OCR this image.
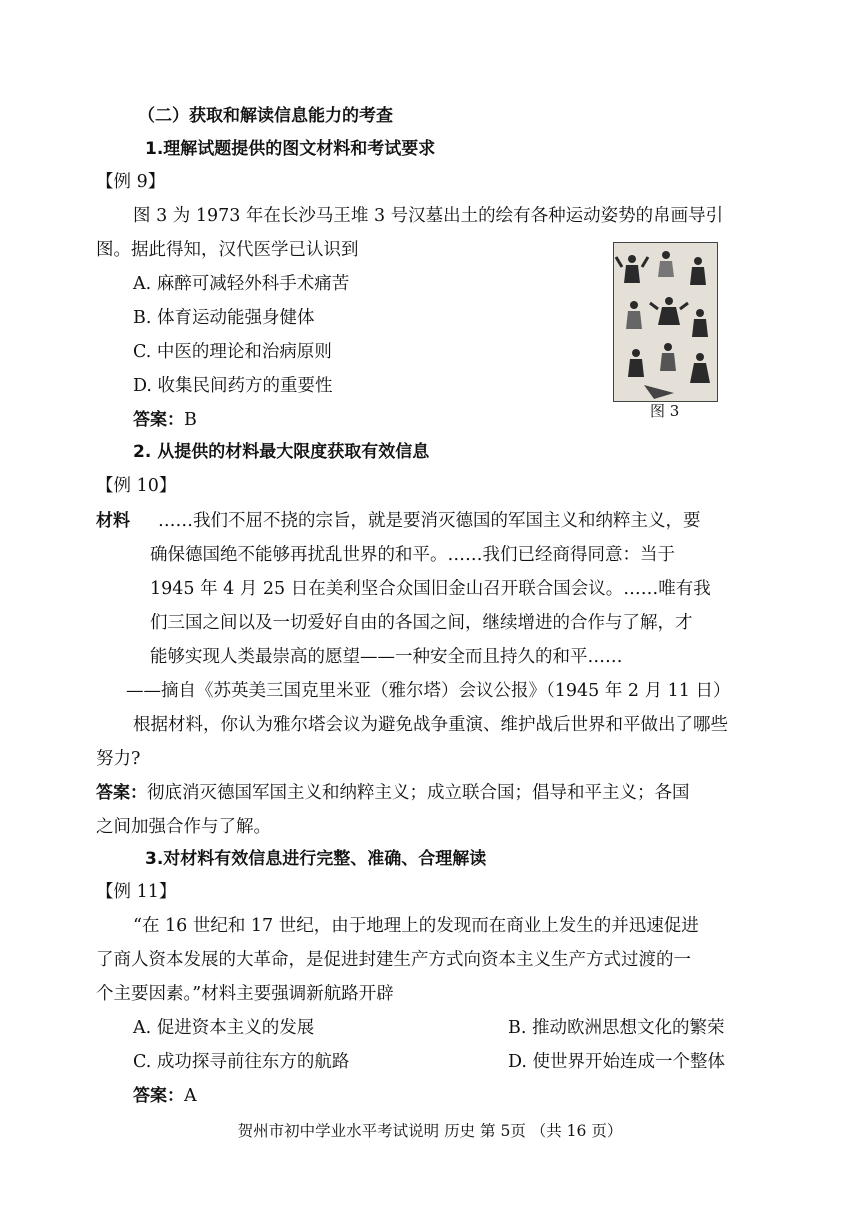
（二）获取和解读信息能力的考查
1.理解试题提供的图文材料和考试要求
【例 9】
图 3 为 1973 年在长沙马王堆 3 号汉墓出土的绘有各种运动姿势的帛画导引
图。据此得知，汉代医学已认识到
A. 麻醉可减轻外科手术痛苦
B. 体育运动能强身健体
C. 中医的理论和治病原则
D. 收集民间药方的重要性
答案：B	图 3
2. 从提供的材料最大限度获取有效信息
【例 10】
材料 ……我们不屈不挠的宗旨，就是要消灭德国的军国主义和纳粹主义，要
确保德国绝不能够再扰乱世界的和平。……我们已经商得同意：当于
1945 年 4 月 25 日在美利坚合众国旧金山召开联合国会议。……唯有我
们三国之间以及一切爱好自由的各国之间，继续增进的合作与了解，才
能够实现人类最崇高的愿望——一种安全而且持久的和平……
——摘自《苏英美三国克里米亚（雅尔塔）会议公报》（1945 年 2 月 11 日）
根据材料，你认为雅尔塔会议为避免战争重演、维护战后世界和平做出了哪些
努力?
答案：彻底消灭德国军国主义和纳粹主义；成立联合国；倡导和平主义；各国
之间加强合作与了解。
3.对材料有效信息进行完整、准确、合理解读
【例 11】
“在 16 世纪和 17 世纪，由于地理上的发现而在商业上发生的并迅速促进
了商人资本发展的大革命，是促进封建生产方式向资本主义生产方式过渡的一
个主要因素。”材料主要强调新航路开辟
A. 促进资本主义的发展	B. 推动欧洲思想文化的繁荣
C. 成功探寻前往东方的航路	D. 使世界开始连成一个整体
答案：A
贺州市初中学业水平考试说明 历史 第 5页 （共 16 页）
